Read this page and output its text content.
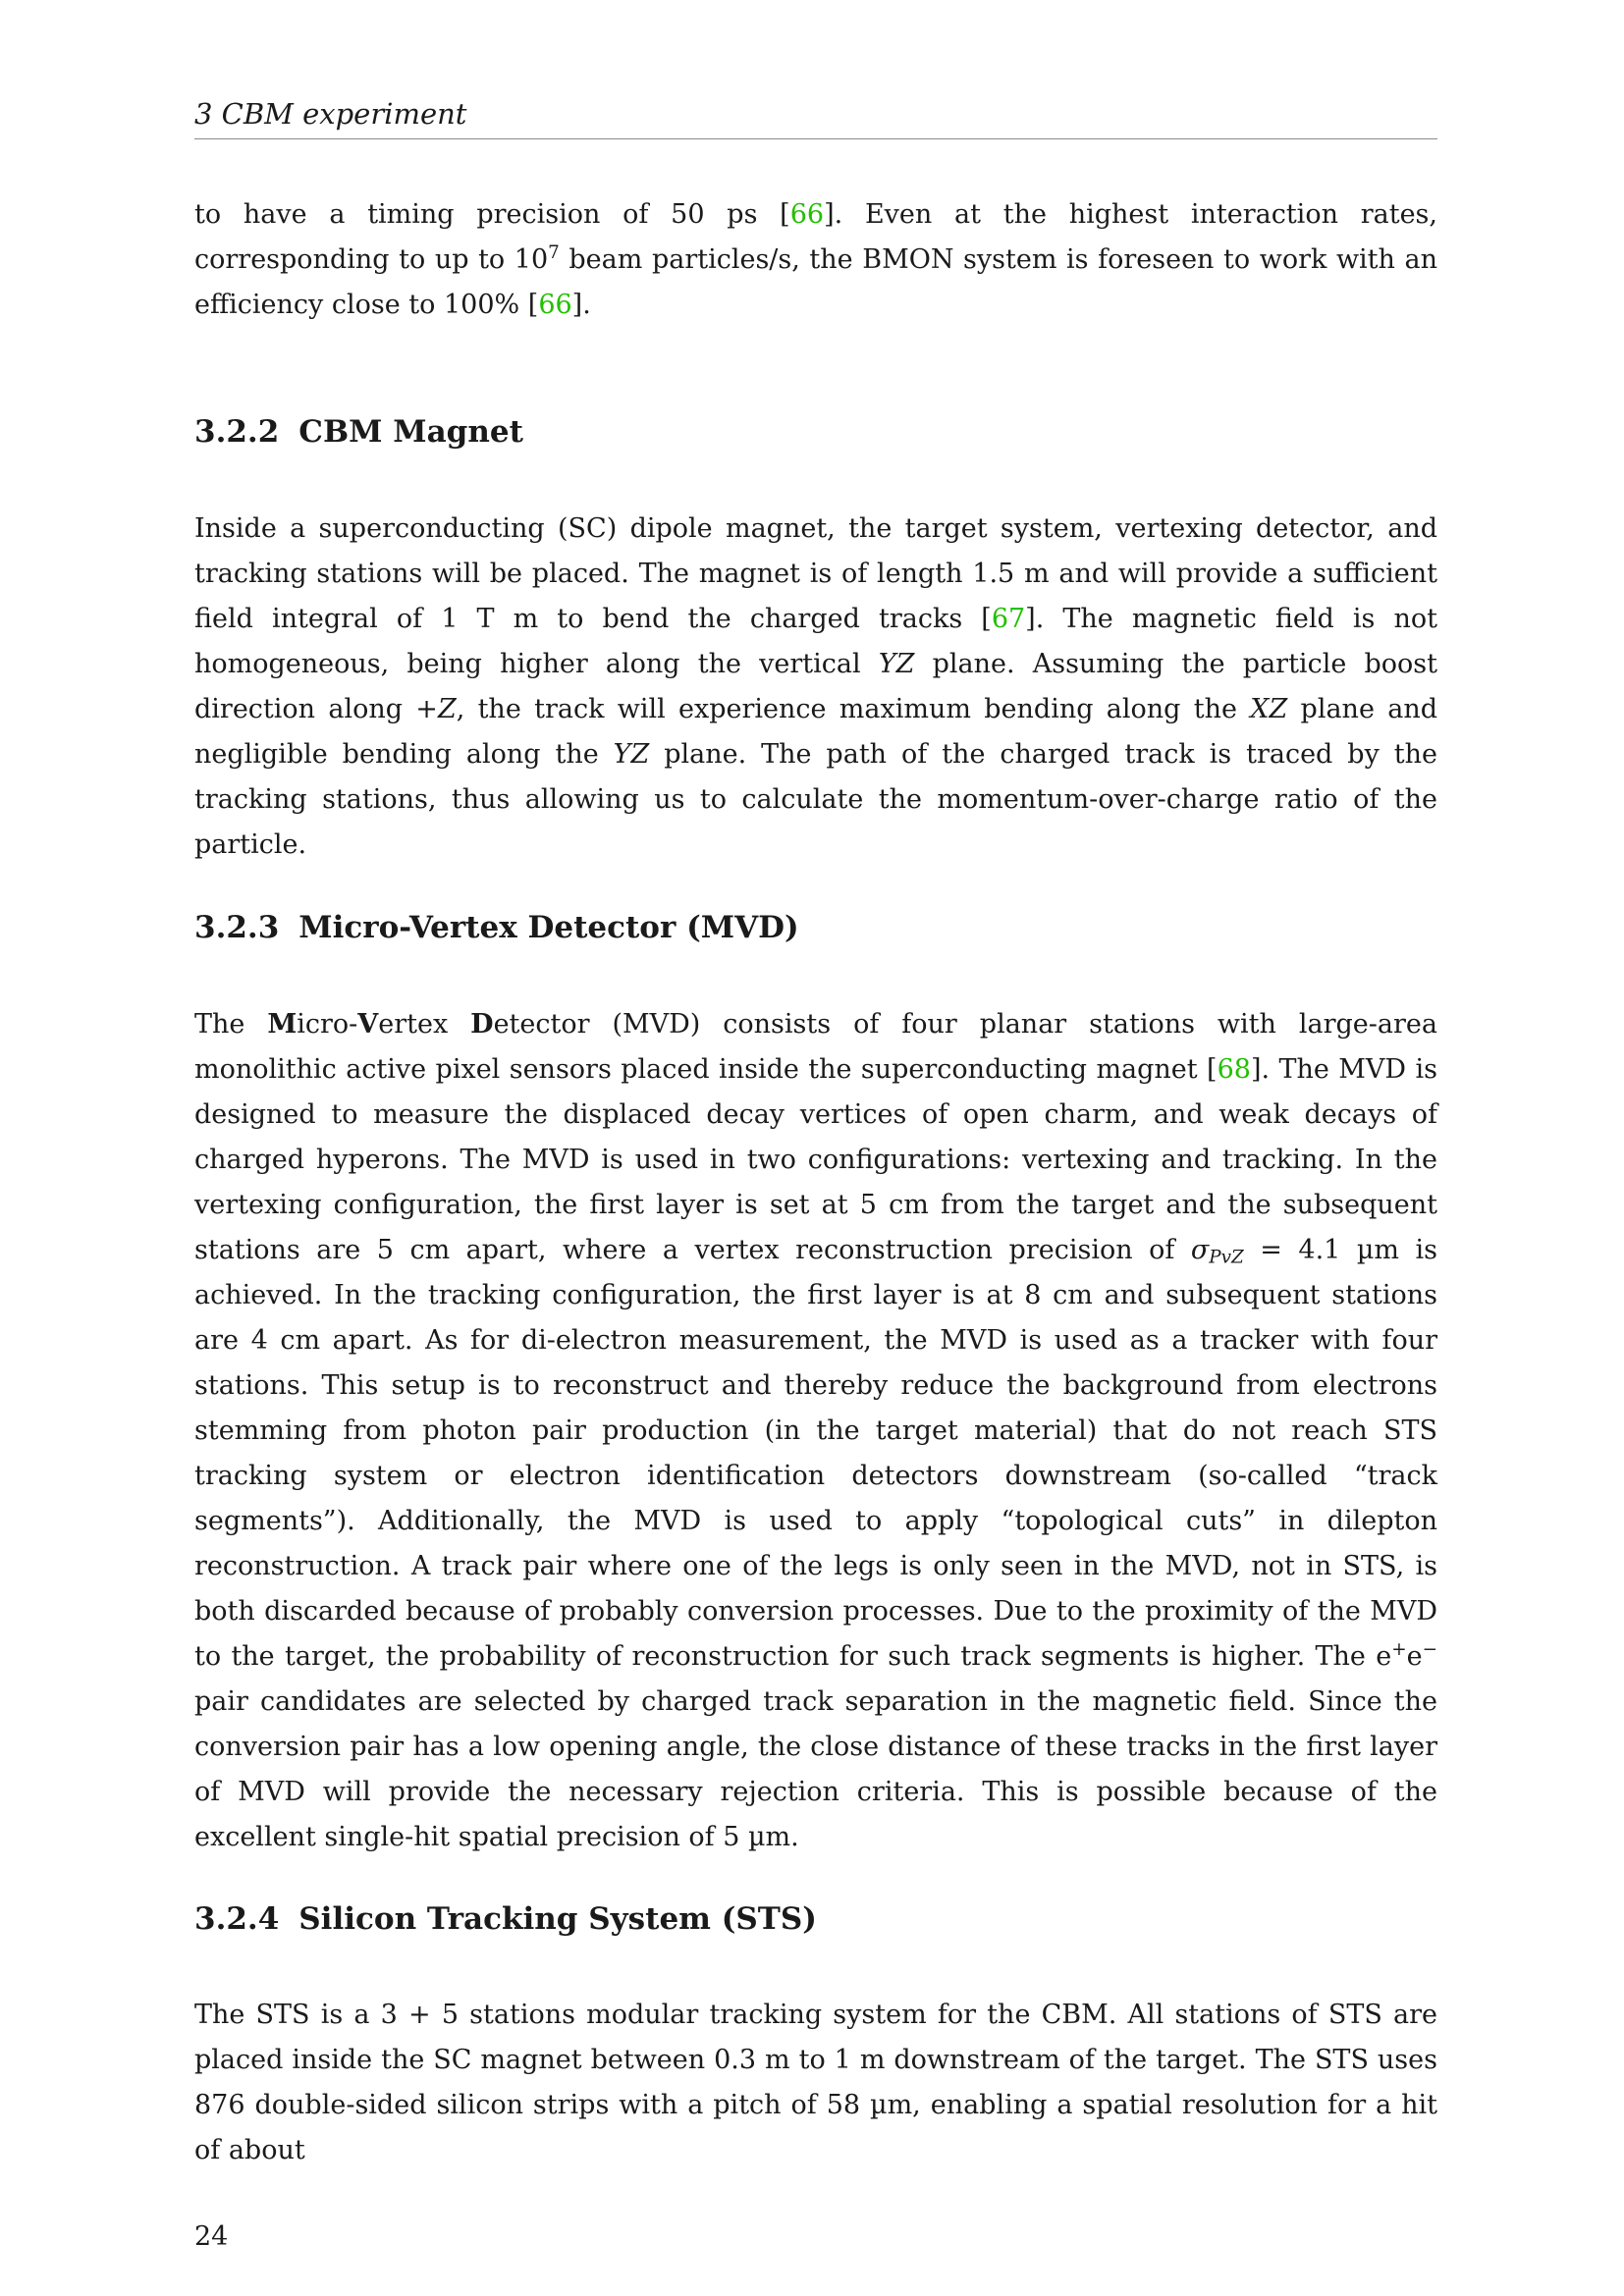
3 CBM experiment

to have a timing precision of 50 ps [66]. Even at the highest interaction rates, corresponding to up to $10^7$ beam particles/s, the BMON system is foreseen to work with an efficiency close to 100% [66].

3.2.2 CBM Magnet

Inside a superconducting (SC) dipole magnet, the target system, vertexing detector, and tracking stations will be placed. The magnet is of length 1.5 m and will provide a sufficient field integral of 1 T m to bend the charged tracks [67]. The magnetic field is not homogeneous, being higher along the vertical YZ plane. Assuming the particle boost direction along +Z, the track will experience maximum bending along the XZ plane and negligible bending along the YZ plane. The path of the charged track is traced by the tracking stations, thus allowing us to calculate the momentum-over-charge ratio of the particle.

3.2.3 Micro-Vertex Detector (MVD)

The Micro-Vertex Detector (MVD) consists of four planar stations with large-area monolithic active pixel sensors placed inside the superconducting magnet [68]. The MVD is designed to measure the displaced decay vertices of open charm, and weak decays of charged hyperons. The MVD is used in two configurations: vertexing and tracking. In the vertexing configuration, the first layer is set at 5 cm from the target and the subsequent stations are 5 cm apart, where a vertex reconstruction precision of $\sigma_{PvZ} = 4.1$ µm is achieved. In the tracking configuration, the first layer is at 8 cm and subsequent stations are 4 cm apart. As for di-electron measurement, the MVD is used as a tracker with four stations. This setup is to reconstruct and thereby reduce the background from electrons stemming from photon pair production (in the target material) that do not reach STS tracking system or electron identification detectors downstream (so-called “track segments”). Additionally, the MVD is used to apply “topological cuts” in dilepton reconstruction. A track pair where one of the legs is only seen in the MVD, not in STS, is both discarded because of probably conversion processes. Due to the proximity of the MVD to the target, the probability of reconstruction for such track segments is higher. The e+e− pair candidates are selected by charged track separation in the magnetic field. Since the conversion pair has a low opening angle, the close distance of these tracks in the first layer of MVD will provide the necessary rejection criteria. This is possible because of the excellent single-hit spatial precision of 5 µm.

3.2.4 Silicon Tracking System (STS)

The STS is a 3 + 5 stations modular tracking system for the CBM. All stations of STS are placed inside the SC magnet between 0.3 m to 1 m downstream of the target. The STS uses 876 double-sided silicon strips with a pitch of 58 µm, enabling a spatial resolution for a hit of about

24
